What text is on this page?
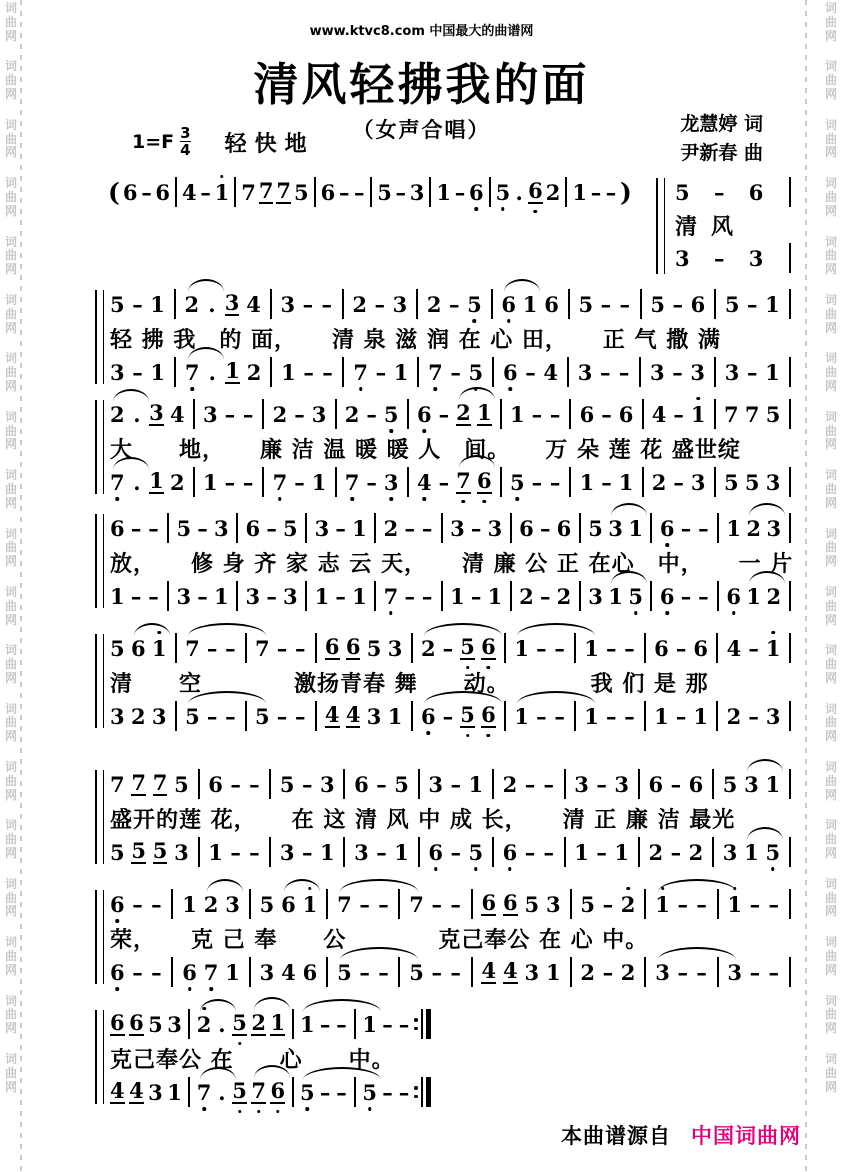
词
曲
网
词
曲
网
词
曲
网
词
曲
网
词
曲
网
词
曲
网
词
曲
网
词
曲
网
词
曲
网
词
曲
网
词
曲
网
词
曲
网
词
曲
网
词
曲
网
词
曲
网
词
曲
网
词
曲
网
词
曲
网
词
曲
网
词
曲
网
词
曲
网
词
曲
网
词
曲
网
词
曲
网
词
曲
网
词
曲
网
词
曲
网
词
曲
网
词
曲
网
词
曲
网
词
曲
网
词
曲
网
词
曲
网
词
曲
网
词
曲
网
词
曲
网
词
曲
网
词
曲
网
www.ktvc8.com 中国最大的曲谱网
清风轻拂我的面
（女声合唱）	龙慧婷 词
尹新春 曲
$1=F \frac{3}{4}$ 轻快地
( 6 – 6 4 – 1 7 7 7 5 6 – – 5 – 3 1 – 6 5 . 6 2 1 – – ) 5 – 6
清风
3 – 3
5 – 1 2 . 3 4 3 – – 2 – 3 2 – 5 6 1 6 5 – – 5 – 6 5 – 1
轻 拂 我　的 面，　　清 泉 滋 润 在 心 田，　　正 气 撒 满
3 – 1 7 . 1 2 1 – – 7 – 1 7 – 5 6 – 4 3 – – 3 – 3 3 – 1
2 . 3 4 3 – – 2 – 3 2 – 5 6 – 2 1 1 – – 6 – 6 4 – 1 7 7 5
大　　地，　　廉 洁 温 暖 暖 人　间。　　万 朵 莲 花 盛世绽
7 . 1 2 1 – – 7 – 1 7 – 3 4 – 7 6 5 – – 1 – 1 2 – 3 5 5 3
6 – – 5 – 3 6 – 5 3 – 1 2 – – 3 – 3 6 – 6 5 3 1 6 – – 1 2 3
放，　　修 身 齐 家 志 云 天，　　清 廉 公 正 在心　中，　　一 片
1 – – 3 – 1 3 – 3 1 – 1 7 – – 1 – 1 2 – 2 3 1 5 6 – – 6 1 2
5 6 1 7 – – 7 – – 6 6 5 3 2 – 5 6 1 – – 1 – – 6 – 6 4 – 1
清　　空　　　　激扬青春 舞　　动。　　　　我 们 是 那
3 2 3 5 – – 5 – – 4 4 3 1 6 – 5 6 1 – – 1 – – 1 – 1 2 – 3
7 7 7 5 6 – – 5 – 3 6 – 5 3 – 1 2 – – 3 – 3 6 – 6 5 3 1
盛开的莲 花，　　在 这 清 风 中 成 长，　　清 正 廉 洁 最光
5 5 5 3 1 – – 3 – 1 3 – 1 6 – 5 6 – – 1 – 1 2 – 2 3 1 5
6 – – 1 2 3 5 6 1 7 – – 7 – – 6 6 5 3 5 – 2 1 – – 1 – –
荣，　　克 己 奉　　公　　　　克己奉公 在 心 中。
6 – – 6 7 1 3 4 6 5 – – 5 – – 4 4 3 1 2 – 2 3 – – 3 – –
6 6 5 3 2 . 5 2 1 1 – – 1 – –
克己奉公 在　　心　　中。
4 4 3 1 7 . 5 7 6 5 – – 5 – –
本曲谱源自 中国词曲网
